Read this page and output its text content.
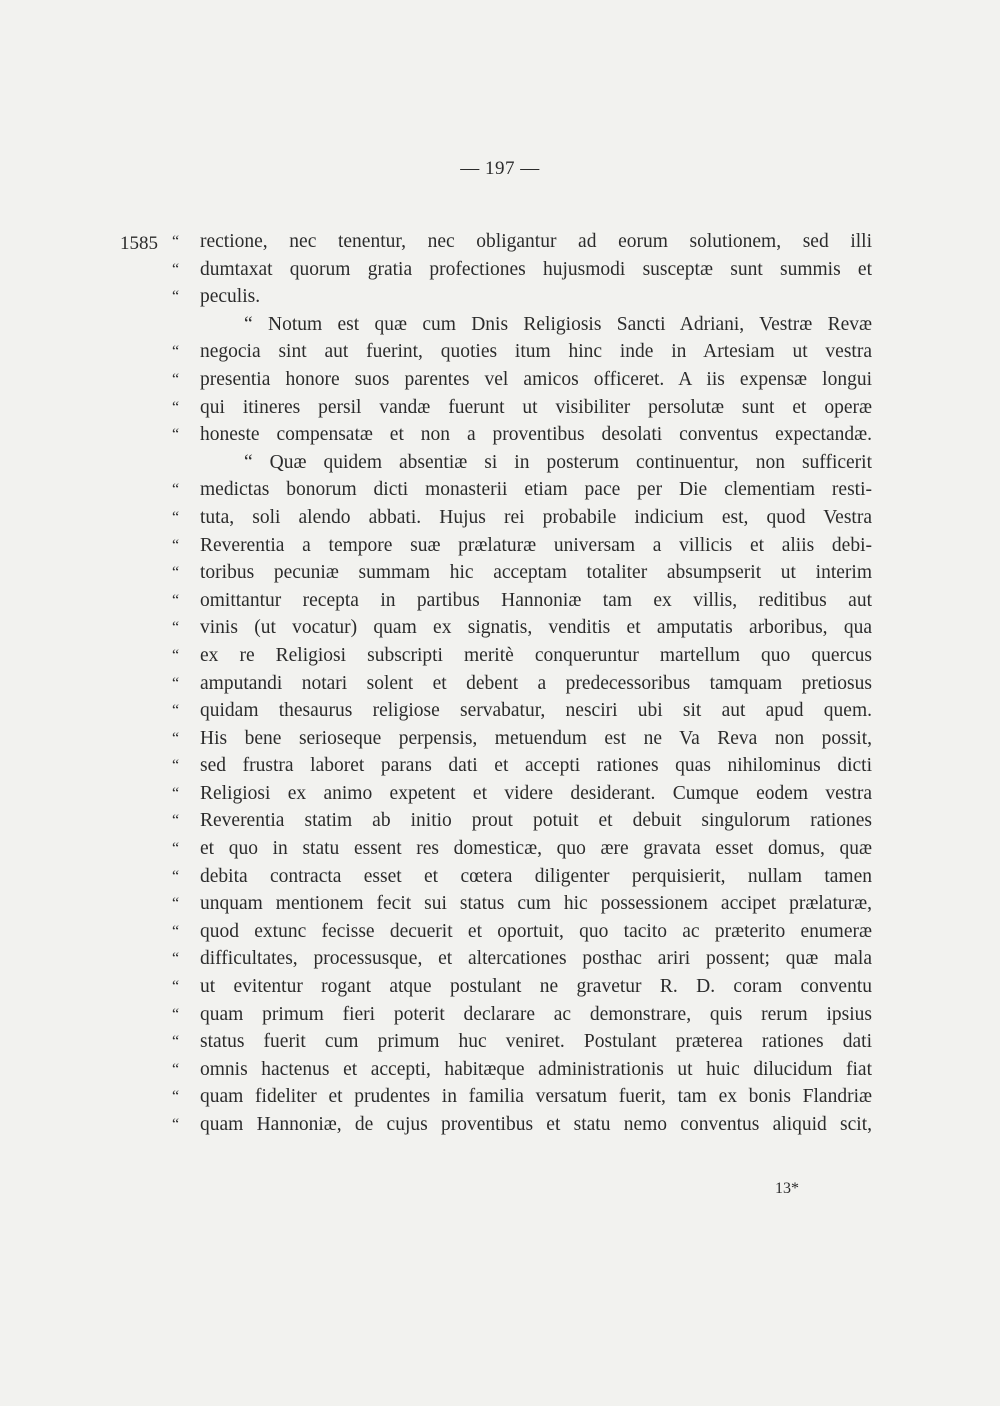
— 197 —
1585 “	rectione, nec tenentur, nec obligantur ad eorum solutionem, sed illi
“	dumtaxat quorum gratia profectiones hujusmodi susceptæ sunt summis et
“	peculis.
“ Notum est quæ cum Dnis Religiosis Sancti Adriani, Vestræ Revæ
“	negocia sint aut fuerint, quoties itum hinc inde in Artesiam ut vestra
“	presentia honore suos parentes vel amicos officeret. A iis expensæ longui
“	qui itineres persil vandæ fuerunt ut visibiliter persolutæ sunt et operæ
“	honeste compensatæ et non a proventibus desolati conventus expectandæ.
“ Quæ quidem absentiæ si in posterum continuentur, non sufficerit
“	medictas bonorum dicti monasterii etiam pace per Die clementiam resti-
“	tuta, soli alendo abbati. Hujus rei probabile indicium est, quod Vestra
“	Reverentia a tempore suæ prælaturæ universam a villicis et aliis debi-
“	toribus pecuniæ summam hic acceptam totaliter absumpserit ut interim
“	omittantur recepta in partibus Hannoniæ tam ex villis, reditibus aut
“	vinis (ut vocatur) quam ex signatis, venditis et amputatis arboribus, qua
“	ex re Religiosi subscripti meritè conqueruntur martellum quo quercus
“	amputandi notari solent et debent a predecessoribus tamquam pretiosus
“	quidam thesaurus religiose servabatur, nesciri ubi sit aut apud quem.
“	His bene serioseque perpensis, metuendum est ne Va Reva non possit,
“	sed frustra laboret parans dati et accepti rationes quas nihilominus dicti
“	Religiosi ex animo expetent et videre desiderant. Cumque eodem vestra
“	Reverentia statim ab initio prout potuit et debuit singulorum rationes
“	et quo in statu essent res domesticæ, quo ære gravata esset domus, quæ
“	debita contracta esset et cœtera diligenter perquisierit, nullam tamen
“	unquam mentionem fecit sui status cum hic possessionem accipet prælaturæ,
“	quod extunc fecisse decuerit et oportuit, quo tacito ac præterito enumeræ
“	difficultates, processusque, et altercationes posthac ariri possent; quæ mala
“	ut evitentur rogant atque postulant ne gravetur R. D. coram conventu
“	quam primum fieri poterit declarare ac demonstrare, quis rerum ipsius
“	status fuerit cum primum huc veniret. Postulant præterea rationes dati
“	omnis hactenus et accepti, habitæque administrationis ut huic dilucidum fiat
“	quam fideliter et prudentes in familia versatum fuerit, tam ex bonis Flandriæ
“	quam Hannoniæ, de cujus proventibus et statu nemo conventus aliquid scit,
13*
